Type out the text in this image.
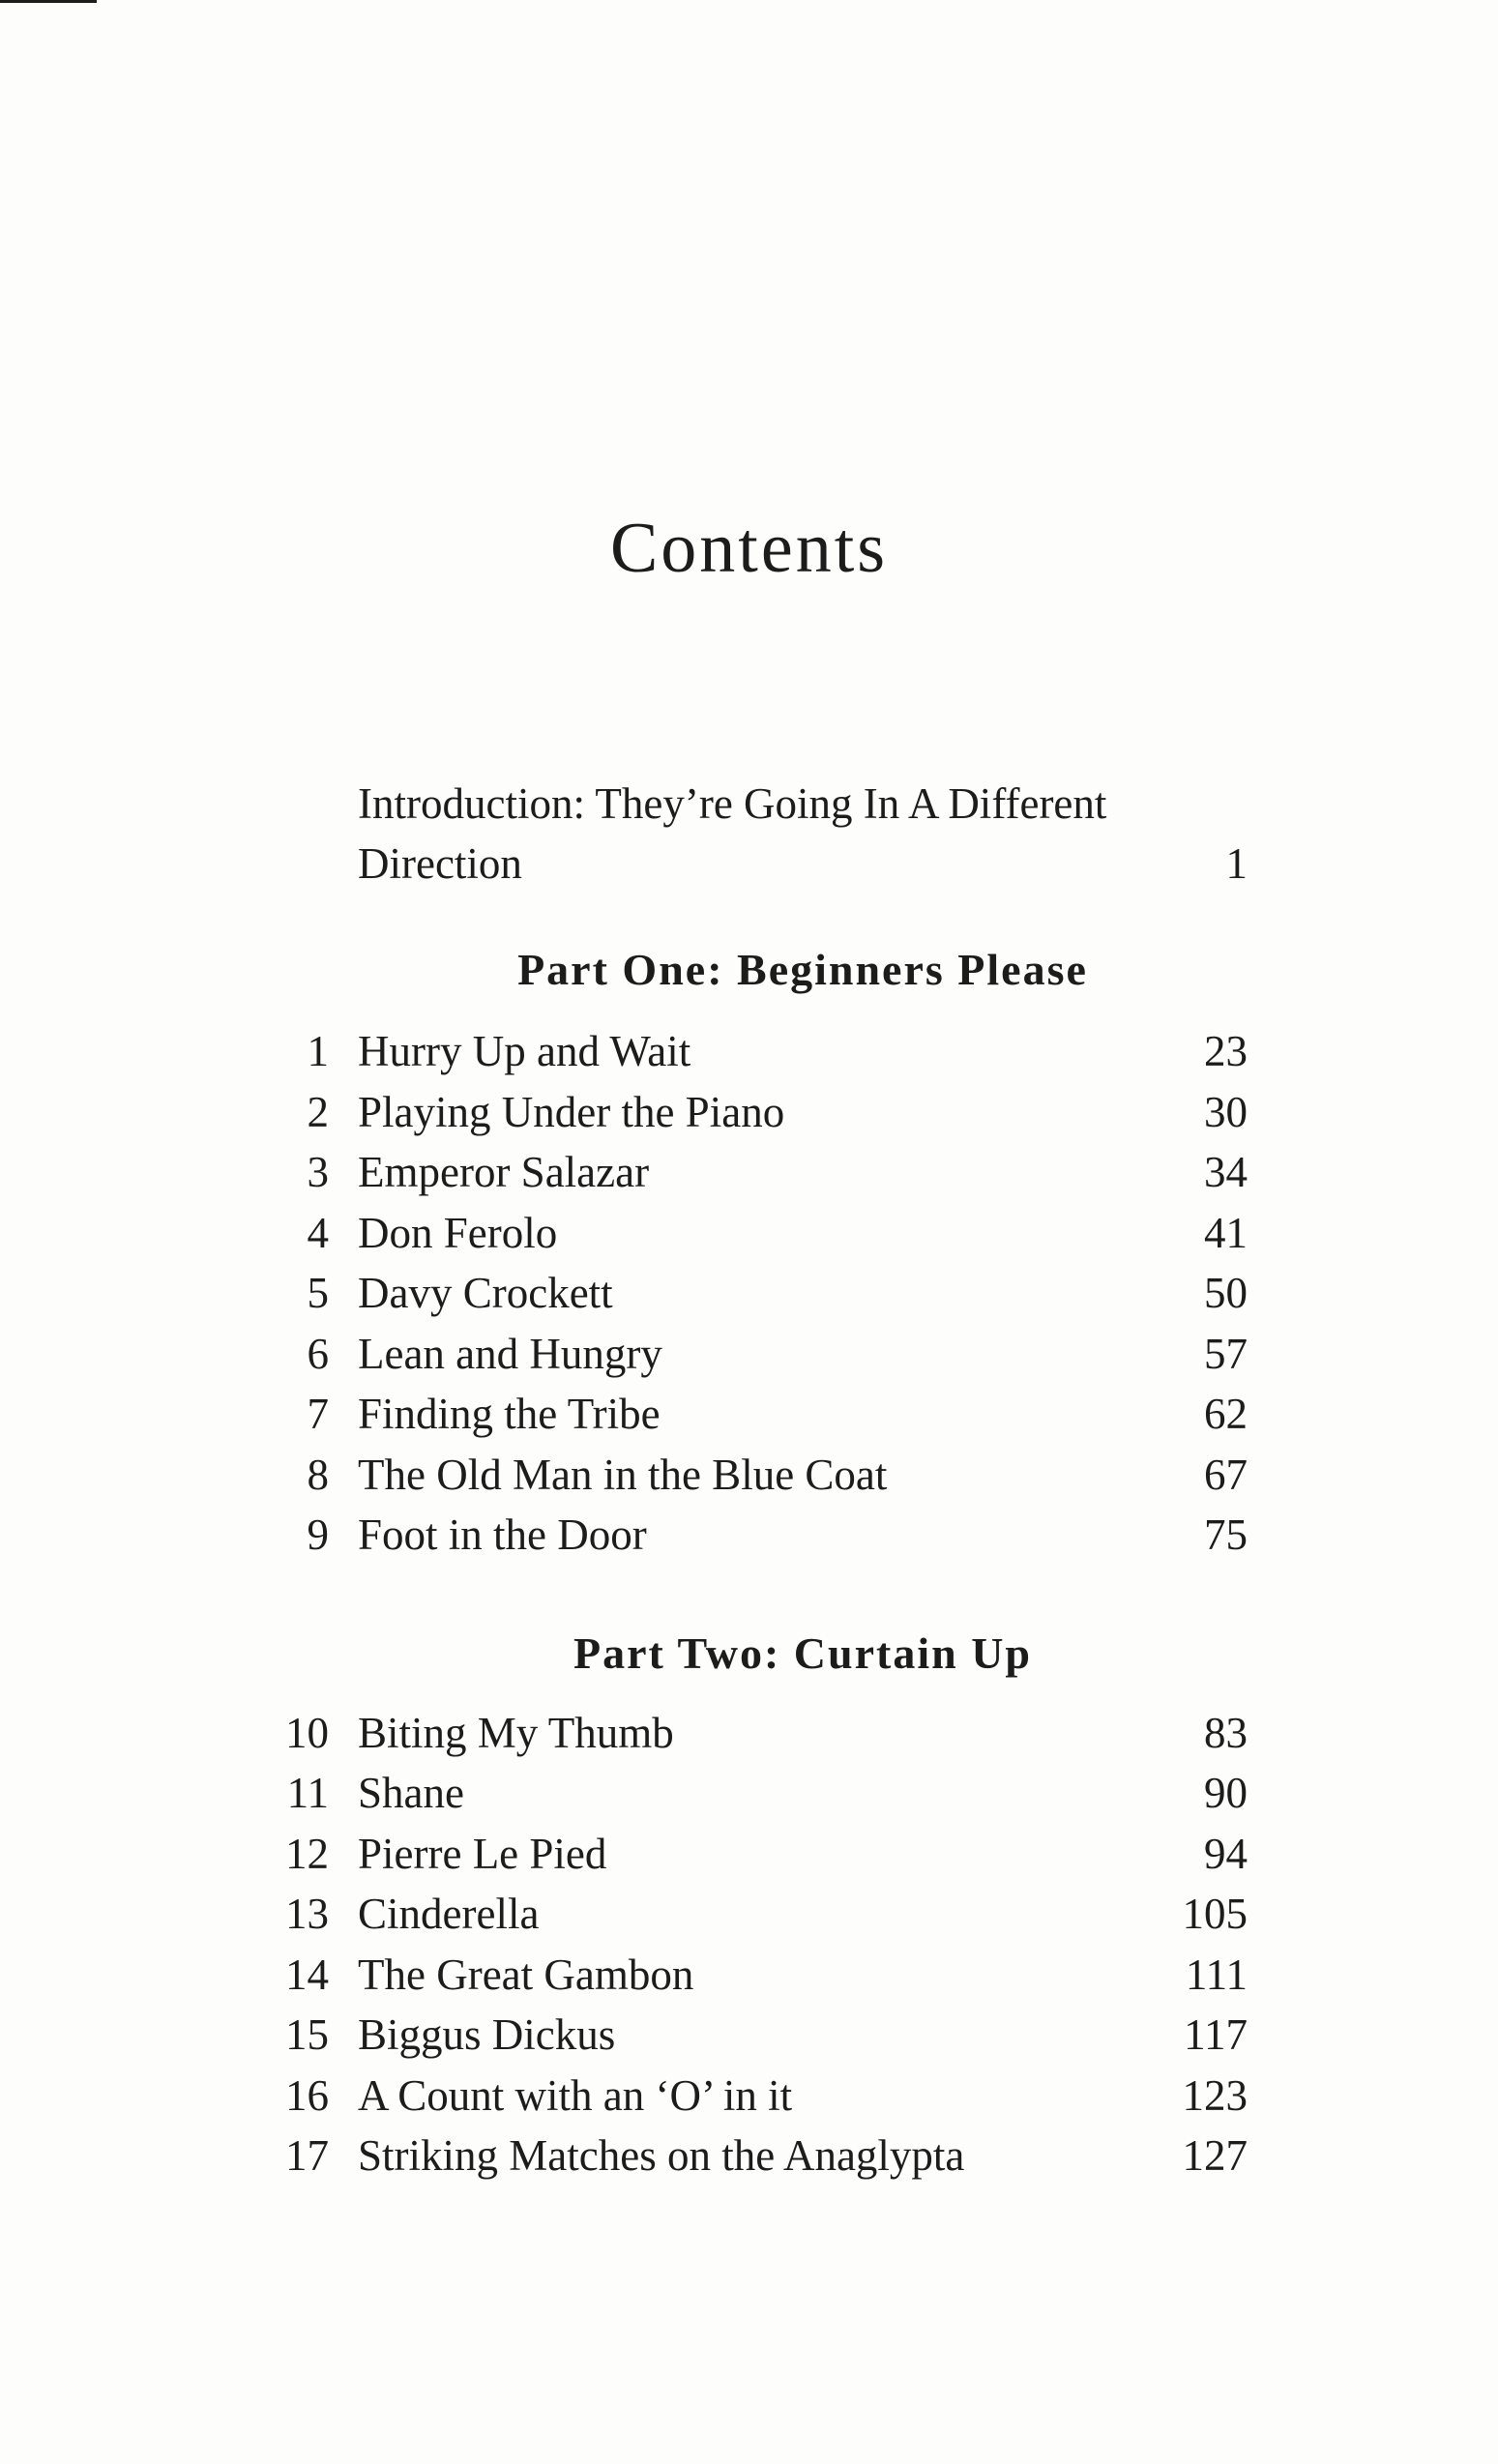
Contents
Introduction: They’re Going In A Different Direction	1
Part One: Beginners Please
1 Hurry Up and Wait	23
2 Playing Under the Piano	30
3 Emperor Salazar	34
4 Don Ferolo	41
5 Davy Crockett	50
6 Lean and Hungry	57
7 Finding the Tribe	62
8 The Old Man in the Blue Coat	67
9 Foot in the Door	75
Part Two: Curtain Up
10 Biting My Thumb	83
11 Shane	90
12 Pierre Le Pied	94
13 Cinderella	105
14 The Great Gambon	111
15 Biggus Dickus	117
16 A Count with an ‘O’ in it	123
17 Striking Matches on the Anaglypta	127
